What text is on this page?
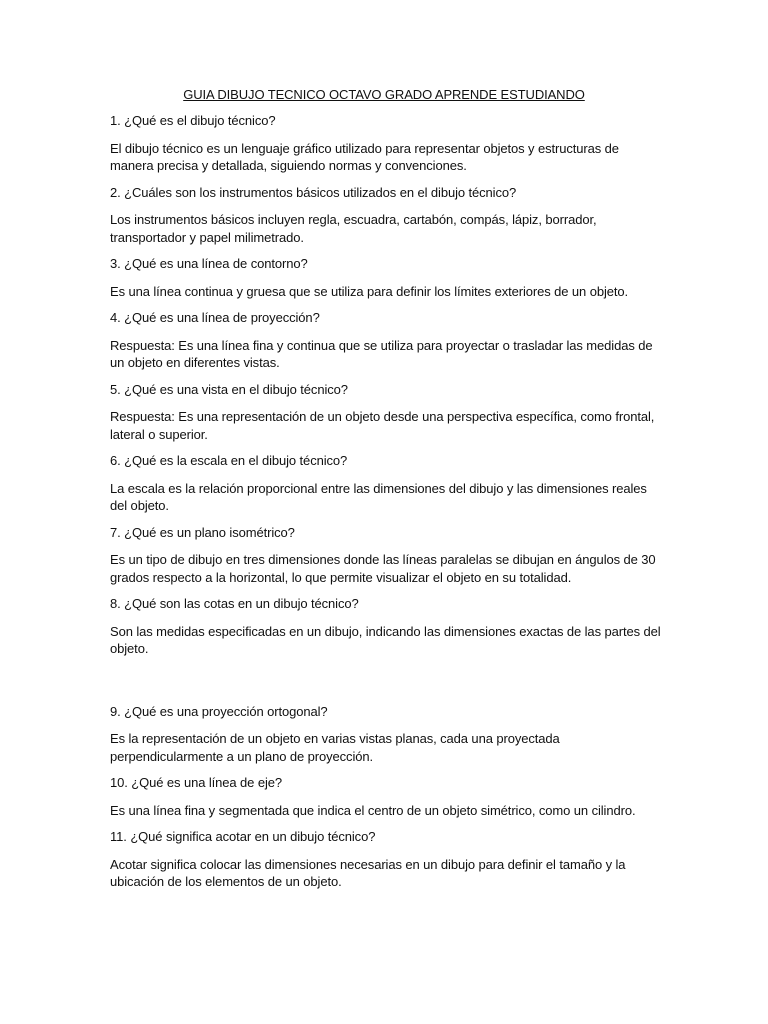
GUIA DIBUJO TECNICO OCTAVO GRADO APRENDE ESTUDIANDO

1. ¿Qué es el dibujo técnico?

El dibujo técnico es un lenguaje gráfico utilizado para representar objetos y estructuras de manera precisa y detallada, siguiendo normas y convenciones.

2. ¿Cuáles son los instrumentos básicos utilizados en el dibujo técnico?

Los instrumentos básicos incluyen regla, escuadra, cartabón, compás, lápiz, borrador, transportador y papel milimetrado.

3. ¿Qué es una línea de contorno?

Es una línea continua y gruesa que se utiliza para definir los límites exteriores de un objeto.

4. ¿Qué es una línea de proyección?

Respuesta: Es una línea fina y continua que se utiliza para proyectar o trasladar las medidas de un objeto en diferentes vistas.

5. ¿Qué es una vista en el dibujo técnico?

Respuesta: Es una representación de un objeto desde una perspectiva específica, como frontal, lateral o superior.

6. ¿Qué es la escala en el dibujo técnico?

La escala es la relación proporcional entre las dimensiones del dibujo y las dimensiones reales del objeto.

7. ¿Qué es un plano isométrico?

Es un tipo de dibujo en tres dimensiones donde las líneas paralelas se dibujan en ángulos de 30 grados respecto a la horizontal, lo que permite visualizar el objeto en su totalidad.

8. ¿Qué son las cotas en un dibujo técnico?

Son las medidas especificadas en un dibujo, indicando las dimensiones exactas de las partes del objeto.

9. ¿Qué es una proyección ortogonal?

Es la representación de un objeto en varias vistas planas, cada una proyectada perpendicularmente a un plano de proyección.

10. ¿Qué es una línea de eje?

Es una línea fina y segmentada que indica el centro de un objeto simétrico, como un cilindro.

11. ¿Qué significa acotar en un dibujo técnico?

Acotar significa colocar las dimensiones necesarias en un dibujo para definir el tamaño y la ubicación de los elementos de un objeto.
